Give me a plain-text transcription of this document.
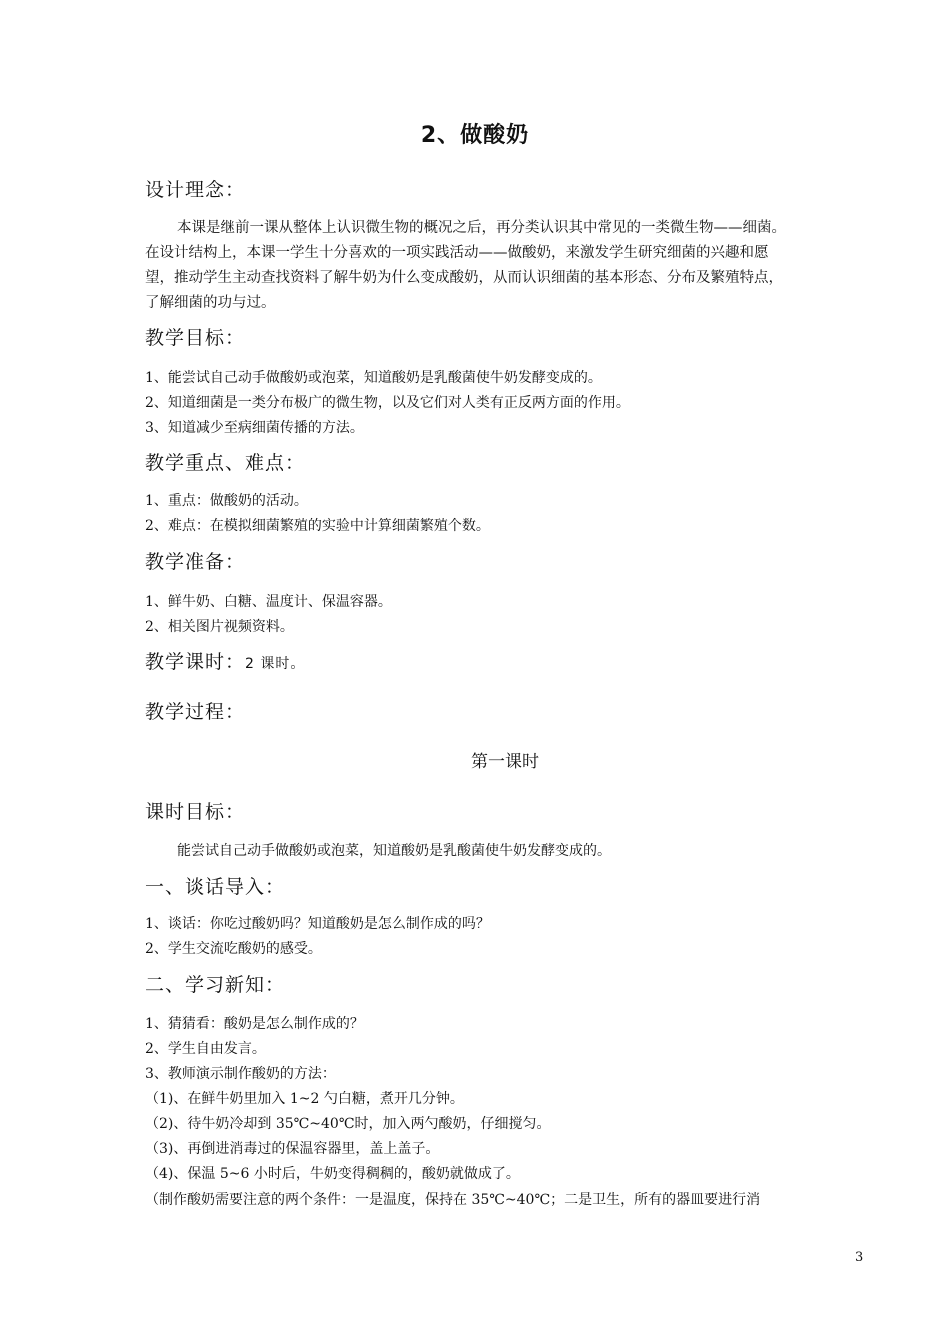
2、做酸奶
设计理念：

本课是继前一课从整体上认识微生物的概况之后，再分类认识其中常见的一类微生物——细菌。

在设计结构上，本课一学生十分喜欢的一项实践活动——做酸奶，来激发学生研究细菌的兴趣和愿

望，推动学生主动查找资料了解牛奶为什么变成酸奶，从而认识细菌的基本形态、分布及繁殖特点，

了解细菌的功与过。

教学目标：
1、能尝试自己动手做酸奶或泡菜，知道酸奶是乳酸菌使牛奶发酵变成的。
2、知道细菌是一类分布极广的微生物，以及它们对人类有正反两方面的作用。
3、知道减少至病细菌传播的方法。
教学重点、难点：
1、重点：做酸奶的活动。
2、难点：在模拟细菌繁殖的实验中计算细菌繁殖个数。
教学准备：
1、鲜牛奶、白糖、温度计、保温容器。
2、相关图片视频资料。
教学课时：2 课时。
教学过程：
第一课时
课时目标：
能尝试自己动手做酸奶或泡菜，知道酸奶是乳酸菌使牛奶发酵变成的。
一、谈话导入：
1、谈话：你吃过酸奶吗？知道酸奶是怎么制作成的吗？
2、学生交流吃酸奶的感受。
二、学习新知：
1、猜猜看：酸奶是怎么制作成的？
2、学生自由发言。
3、教师演示制作酸奶的方法：
（1)、在鲜牛奶里加入 1~2 勺白糖，煮开几分钟。
（2)、待牛奶冷却到 35℃~40℃时，加入两勺酸奶，仔细搅匀。
（3)、再倒进消毒过的保温容器里，盖上盖子。
（4)、保温 5~6 小时后，牛奶变得稠稠的，酸奶就做成了。
（制作酸奶需要注意的两个条件：一是温度，保持在 35℃~40℃；二是卫生，所有的器皿要进行消
3
